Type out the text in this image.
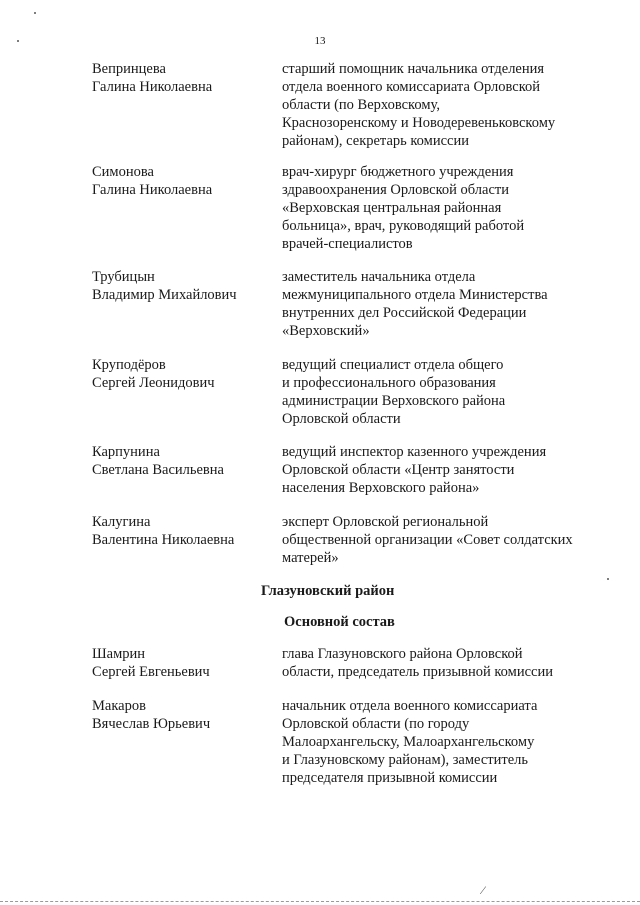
13
Вепринцева
Галина Николаевна
старший помощник начальника отделения
отдела военного комиссариата Орловской
области (по Верховскому,
Краснозоренскому и Новодеревеньковскому
районам), секретарь комиссии
Симонова
Галина Николаевна
врач-хирург бюджетного учреждения
здравоохранения Орловской области
«Верховская центральная районная
больница», врач, руководящий работой
врачей-специалистов
Трубицын
Владимир Михайлович
заместитель начальника отдела
межмуниципального отдела Министерства
внутренних дел Российской Федерации
«Верховский»
Круподёров
Сергей Леонидович
ведущий специалист отдела общего
и профессионального образования
администрации Верховского района
Орловской области
Карпунина
Светлана Васильевна
ведущий инспектор казенного учреждения
Орловской области «Центр занятости
населения Верховского района»
Калугина
Валентина Николаевна
эксперт Орловской региональной
общественной организации «Совет солдатских
матерей»
Глазуновский район
Основной состав
Шамрин
Сергей Евгеньевич
глава Глазуновского района Орловской
области, председатель призывной комиссии
Макаров
Вячеслав Юрьевич
начальник отдела военного комиссариата
Орловской области (по городу
Малоархангельску, Малоархангельскому
и Глазуновскому районам), заместитель
председателя призывной комиссии
⁄
